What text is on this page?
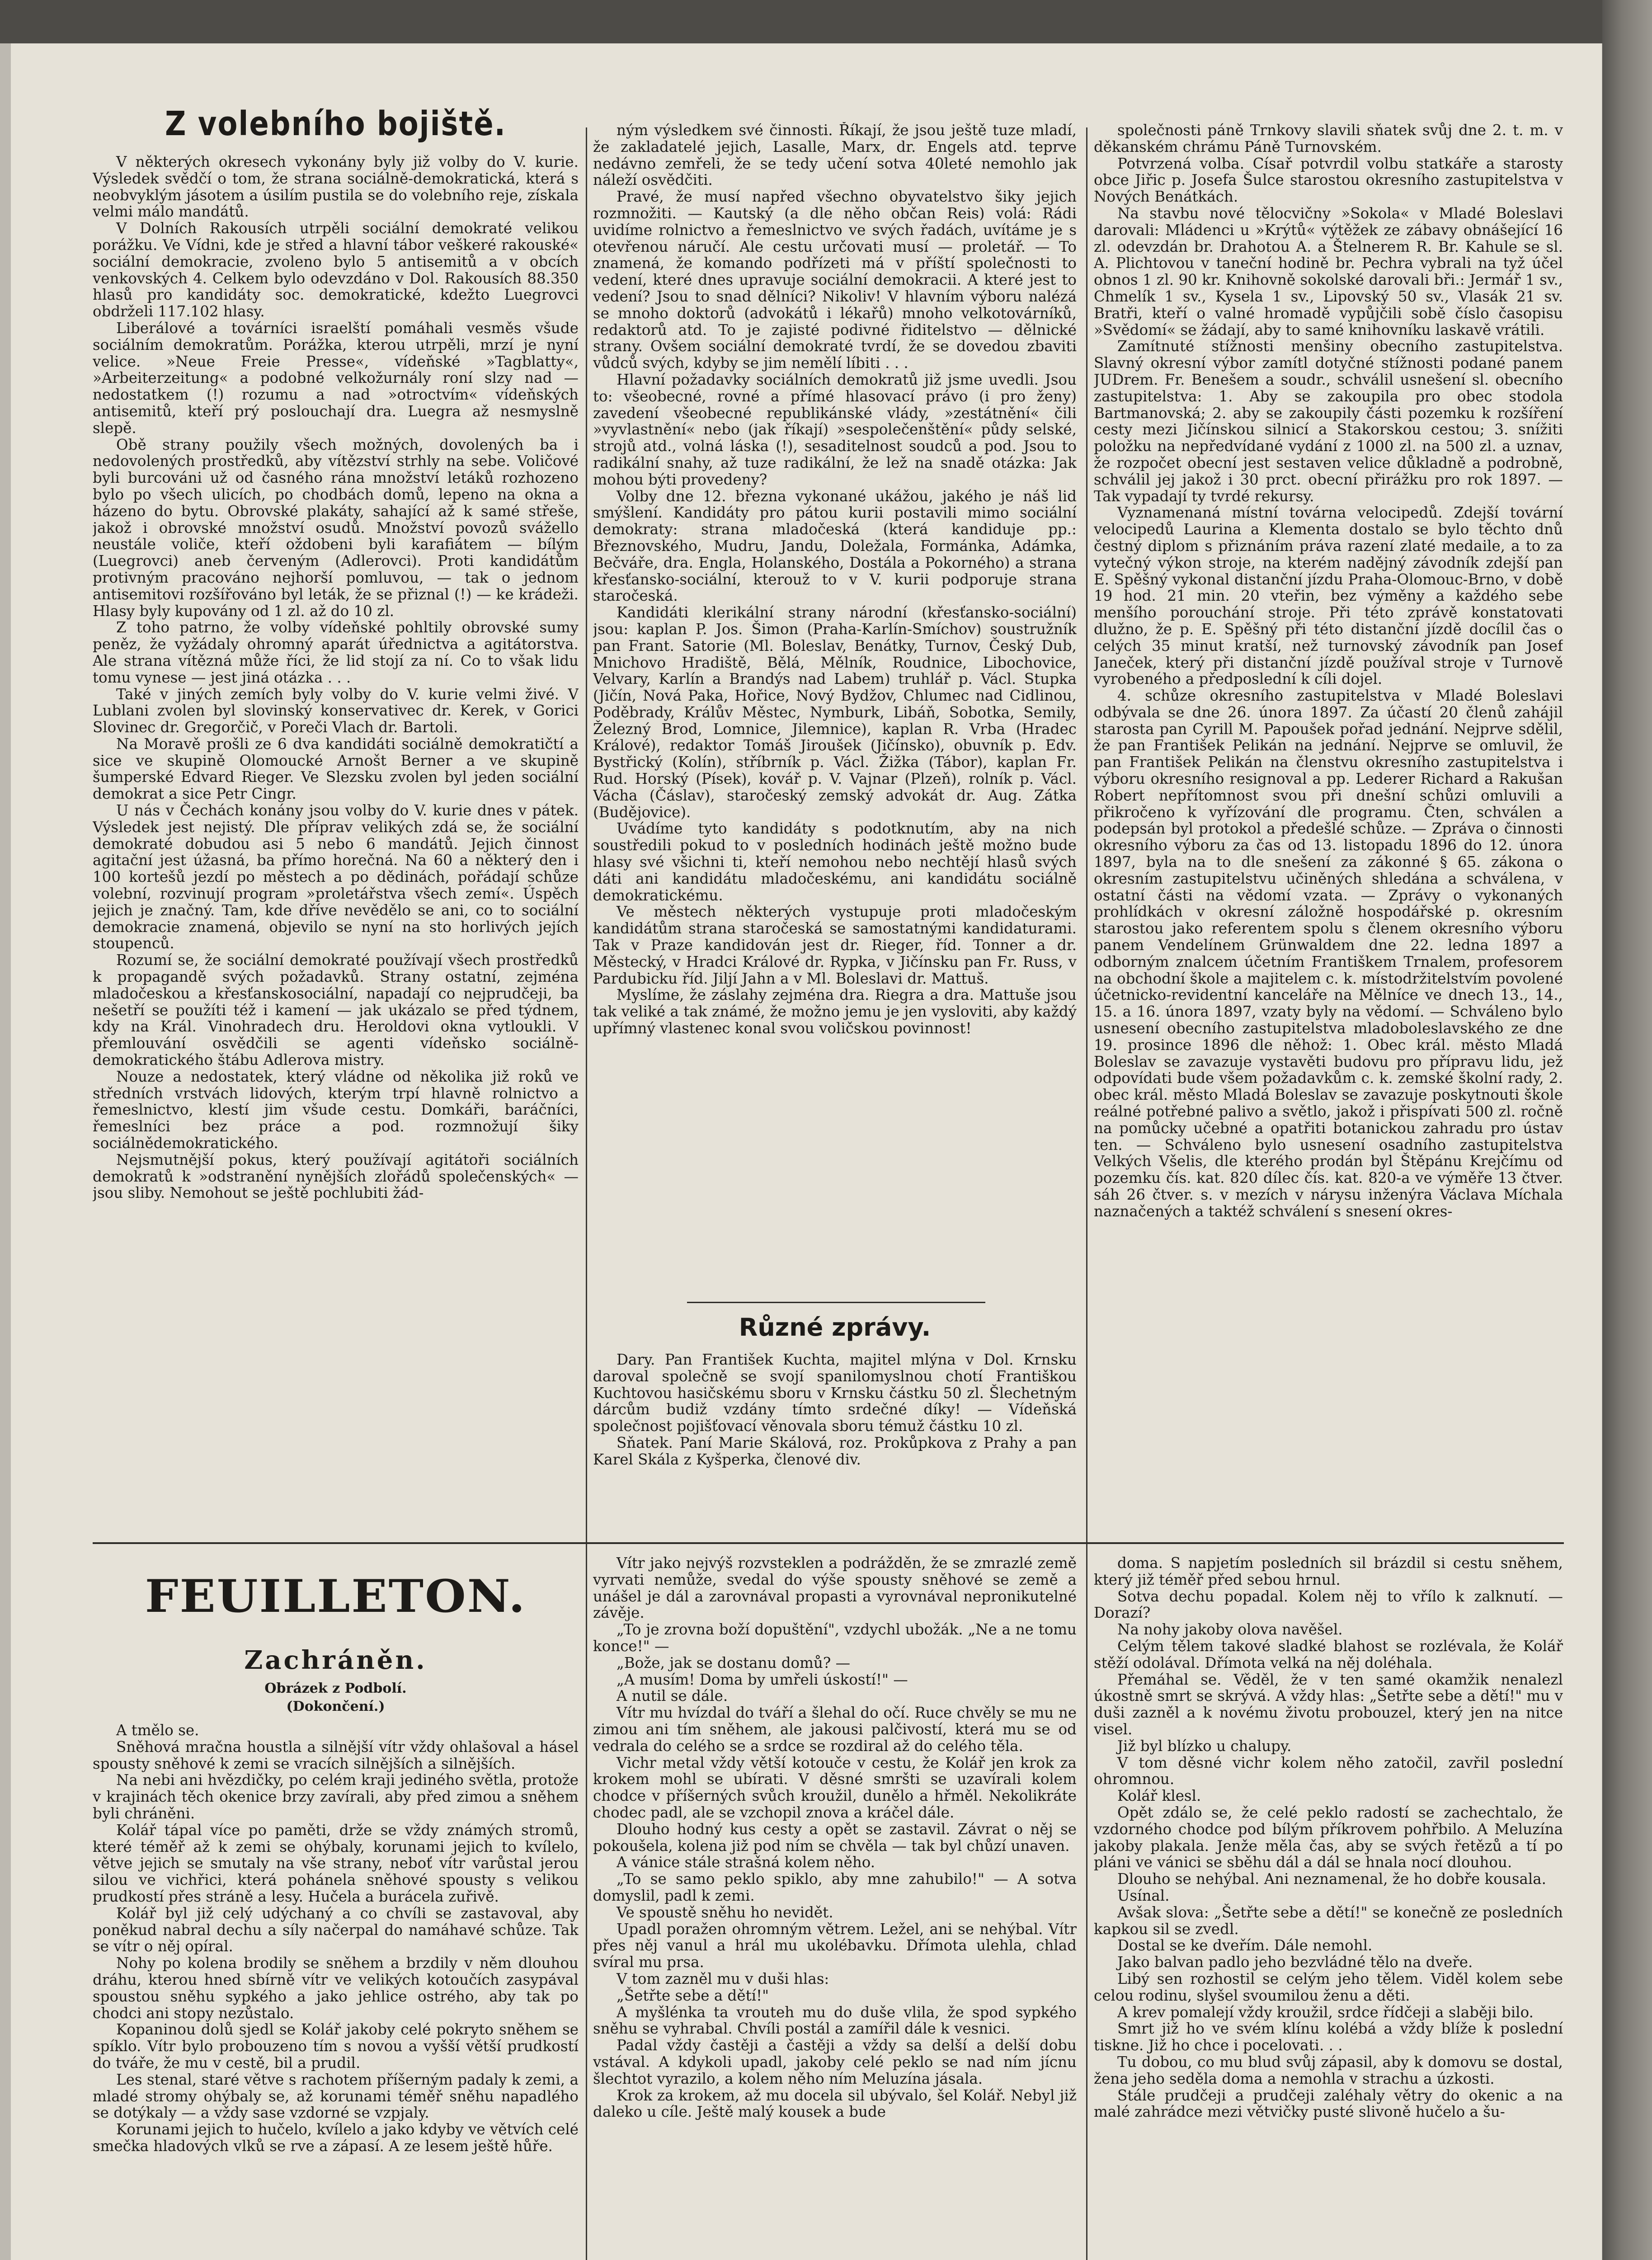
Z volebního bojiště.

V některých okresech vykonány byly již volby do V. kurie. Výsledek svědčí o tom, že strana sociálně-demokratická, která s neobvyklým jásotem a úsilím pustila se do volebního reje, získala velmi málo mandátů.

V Dolních Rakousích utrpěli sociální demokraté velikou porážku. Ve Vídni, kde je střed a hlavní tábor veškeré rakouské« sociální demokracie, zvoleno bylo 5 antisemitů a v obcích venkovských 4. Celkem bylo odevzdáno v Dol. Rakousích 88.350 hlasů pro kandidáty soc. demokratické, kdežto Luegrovci obdrželi 117.102 hlasy.

Liberálové a továrníci israelští pomáhali vesměs všude sociálním demokratům. Porážka, kterou utrpěli, mrzí je nyní velice. »Neue Freie Presse«, vídeňské »Tagblatty«, »Arbeiterzeitung« a podobné velkožurnály roní slzy nad — nedostatkem (!) rozumu a nad »otroctvím« vídeňských antisemitů, kteří prý poslouchají dra. Luegra až nesmyslně slepě.

Obě strany použily všech možných, dovolených ba i nedovolených prostředků, aby vítězství strhly na sebe. Voličové byli burcováni už od časného rána množství letáků rozhozeno bylo po všech ulicích, po chodbách domů, lepeno na okna a házeno do bytu. Obrovské plakáty, sahající až k samé střeše, jakož i obrovské množství osudů. Množství povozů svážello neustále voliče, kteří oždobeni byli karafiátem — bílým (Luegrovci) aneb červeným (Adlerovci). Proti kandidátům protivným pracováno nejhorší pomluvou, — tak o jednom antisemitovi rozšířováno byl leták, že se přiznal (!) — ke krádeži. Hlasy byly kupovány od 1 zl. až do 10 zl.

Z toho patrno, že volby vídeňské pohltily obrovské sumy peněz, že vyžádaly ohromný aparát úřednictva a agitátorstva. Ale strana vítězná může říci, že lid stojí za ní. Co to však lidu tomu vynese — jest jiná otázka . . .

Také v jiných zemích byly volby do V. kurie velmi živé. V Lublani zvolen byl slovinský konservativec dr. Kerek, v Gorici Slovinec dr. Gregorčič, v Poreči Vlach dr. Bartoli.

Na Moravě prošli ze 6 dva kandidáti sociálně demokratičtí a sice ve skupině Olomoucké Arnošt Berner a ve skupině šumperské Edvard Rieger. Ve Slezsku zvolen byl jeden sociální demokrat a sice Petr Cingr.

U nás v Čechách konány jsou volby do V. kurie dnes v pátek. Výsledek jest nejistý. Dle příprav velikých zdá se, že sociální demokraté dobudou asi 5 nebo 6 mandátů. Jejich činnost agitační jest úžasná, ba přímo horečná. Na 60 a některý den i 100 kortešů jezdí po městech a po dědinách, pořádají schůze volební, rozvinují program »proletářstva všech zemí«. Úspěch jejich je značný. Tam, kde dříve nevědělo se ani, co to sociální demokracie znamená, objevilo se nyní na sto horlivých jejích stoupenců.

Rozumí se, že sociální demokraté používají všech prostředků k propagandě svých požadavků. Strany ostatní, zejména mladočeskou a křesťanskosociální, napadají co nejprudčeji, ba nešetří se použíti též i kamení — jak ukázalo se před týdnem, kdy na Král. Vinohradech dru. Heroldovi okna vytloukli. V přemlouvání osvědčili se agenti vídeňsko sociálně-demokratického štábu Adlerova mistry.

Nouze a nedostatek, který vládne od několika již roků ve středních vrstvách lidových, kterým trpí hlavně rolnictvo a řemeslnictvo, klestí jim všude cestu. Domkáři, baráčníci, řemeslníci bez práce a pod. rozmnožují šiky sociálnědemokratického.

Nejsmutnější pokus, který používají agitátoři sociálních demokratů k »odstranění nynějších zlořádů společenských« — jsou sliby. Nemohout se ještě pochlubiti žád-

ným výsledkem své činnosti. Říkají, že jsou ještě tuze mladí, že zakladatelé jejich, Lasalle, Marx, dr. Engels atd. teprve nedávno zemřeli, že se tedy učení sotva 40leté nemohlo jak náleží osvědčiti.

Pravé, že musí napřed všechno obyvatelstvo šiky jejich rozmnožiti. — Kautský (a dle něho občan Reis) volá: Rádi uvidíme rolnictvo a řemeslnictvo ve svých řadách, uvítáme je s otevřenou náručí. Ale cestu určovati musí — proletář. — To znamená, že komando podřízeti má v příští společnosti to vedení, které dnes upravuje sociální demokracii. A které jest to vedení? Jsou to snad dělníci? Nikoliv! V hlavním výboru nalézá se mnoho doktorů (advokátů i lékařů) mnoho velkotovárníků, redaktorů atd. To je zajisté podivné řiditelstvo — dělnické strany. Ovšem sociální demokraté tvrdí, že se dovedou zbaviti vůdců svých, kdyby se jim nemělí líbiti . . .

Hlavní požadavky sociálních demokratů již jsme uvedli. Jsou to: všeobecné, rovné a přímé hlasovací právo (i pro ženy) zavedení všeobecné republikánské vlády, »zestátnění« čili »vyvlastnění« nebo (jak říkají) »sespolečenštění« půdy selské, strojů atd., volná láska (!), sesaditelnost soudců a pod. Jsou to radikální snahy, až tuze radikální, že lež na snadě otázka: Jak mohou býti provedeny?

Volby dne 12. března vykonané ukážou, jakého je náš lid smýšlení. Kandidáty pro pátou kurii postavili mimo sociální demokraty: strana mladočeská (která kandiduje pp.: Březnovského, Mudru, Jandu, Doležala, Formánka, Adámka, Bečváře, dra. Engla, Holanského, Dostála a Pokorného) a strana křesťansko-sociální, kterouž to v V. kurii podporuje strana staročeská.

Kandidáti klerikální strany národní (křesťansko-sociální) jsou: kaplan P. Jos. Šimon (Praha-Karlín-Smíchov) soustružník pan Frant. Satorie (Ml. Boleslav, Benátky, Turnov, Český Dub, Mnichovo Hradiště, Bělá, Mělník, Roudnice, Libochovice, Velvary, Karlín a Brandýs nad Labem) truhlář p. Václ. Stupka (Jičín, Nová Paka, Hořice, Nový Bydžov, Chlumec nad Cidlinou, Poděbrady, Králův Městec, Nymburk, Libáň, Sobotka, Semily, Železný Brod, Lomnice, Jilemnice), kaplan R. Vrba (Hradec Králové), redaktor Tomáš Jiroušek (Jičínsko), obuvník p. Edv. Bystřický (Kolín), stříbrník p. Václ. Žižka (Tábor), kaplan Fr. Rud. Horský (Písek), kovář p. V. Vajnar (Plzeň), rolník p. Václ. Vácha (Čáslav), staročeský zemský advokát dr. Aug. Zátka (Budějovice).

Uvádíme tyto kandidáty s podotknutím, aby na nich soustředili pokud to v posledních hodinách ještě možno bude hlasy své všichni ti, kteří nemohou nebo nechtějí hlasů svých dáti ani kandidátu mladočeskému, ani kandidátu sociálně demokratickému.

Ve městech některých vystupuje proti mladočeským kandidátům strana staročeská se samostatnými kandidaturami. Tak v Praze kandidován jest dr. Rieger, říd. Tonner a dr. Městecký, v Hradci Králové dr. Rypka, v Jičínsku pan Fr. Russ, v Pardubicku říd. Jiljí Jahn a v Ml. Boleslavi dr. Mattuš.

Myslíme, že záslahy zejména dra. Riegra a dra. Mattuše jsou tak veliké a tak známé, že možno jemu je jen vysloviti, aby každý upřímný vlastenec konal svou voličskou povinnost!

Různé zprávy.

Dary. Pan František Kuchta, majitel mlýna v Dol. Krnsku daroval společně se svojí spanilomyslnou chotí Františkou Kuchtovou hasičskému sboru v Krnsku částku 50 zl. Šlechetným dárcům budiž vzdány tímto srdečné díky! — Vídeňská společnost pojišťovací věnovala sboru témuž částku 10 zl.

Sňatek. Paní Marie Skálová, roz. Prokůpkova z Prahy a pan Karel Skála z Kyšperka, členové div.

společnosti páně Trnkovy slavili sňatek svůj dne 2. t. m. v děkanském chrámu Páně Turnovském.

Potvrzená volba. Císař potvrdil volbu statkáře a starosty obce Jiřic p. Josefa Šulce starostou okresního zastupitelstva v Nových Benátkách.

Na stavbu nové tělocvičny »Sokola« v Mladé Boleslavi darovali: Mládenci u »Krýtů« výtěžek ze zábavy obnášející 16 zl. odevzdán br. Drahotou A. a Štelnerem R. Br. Kahule se sl. A. Plichtovou v taneční hodině br. Pechra vybrali na tyž účel obnos 1 zl. 90 kr. Knihovně sokolské darovali bři.: Jermář 1 sv., Chmelík 1 sv., Kysela 1 sv., Lipovský 50 sv., Vlasák 21 sv. Bratři, kteří o valné hromadě vypůjčili sobě číslo časopisu »Svědomí« se žádají, aby to samé knihovníku laskavě vrátili.

Zamítnuté stížnosti menšiny obecního zastupitelstva. Slavný okresní výbor zamítl dotyčné stížnosti podané panem JUDrem. Fr. Benešem a soudr., schválil usnešení sl. obecního zastupitelstva: 1. Aby se zakoupila pro obec stodola Bartmanovská; 2. aby se zakoupily části pozemku k rozšíření cesty mezi Jičínskou silnicí a Stakorskou cestou; 3. snížiti položku na nepředvídané vydání z 1000 zl. na 500 zl. a uznav, že rozpočet obecní jest sestaven velice důkladně a podrobně, schválil jej jakož i 30 prct. obecní přirážku pro rok 1897. — Tak vypadají ty tvrdé rekursy.

Vyznamenaná místní továrna velocipedů. Zdejší tovární velocipedů Laurina a Klementa dostalo se bylo těchto dnů čestný diplom s přiznáním práva razení zlaté medaile, a to za vytečný výkon stroje, na kterém nadějný závodník zdejší pan E. Spěšný vykonal distanční jízdu Praha-Olomouc-Brno, v době 19 hod. 21 min. 20 vteřin, bez výměny a každého sebe menšího porouchání stroje. Při této zprávě konstatovati dlužno, že p. E. Spěšný při této distanční jízdě docílil čas o celých 35 minut kratší, než turnovský závodník pan Josef Janeček, který při distanční jízdě používal stroje v Turnově vyrobeného a předposlední k cíli dojel.

4. schůze okresního zastupitelstva v Mladé Boleslavi odbývala se dne 26. února 1897. Za účastí 20 členů zahájil starosta pan Cyrill M. Papoušek pořad jednání. Nejprve sdělil, že pan František Pelikán na jednání. Nejprve se omluvil, že pan František Pelikán na členstvu okresního zastupitelstva i výboru okresního resignoval a pp. Lederer Richard a Rakušan Robert nepřítomnost svou při dnešní schůzi omluvili a přikročeno k vyřízování dle programu. Čten, schválen a podepsán byl protokol a předešlé schůze. — Zpráva o činnosti okresního výboru za čas od 13. listopadu 1896 do 12. února 1897, byla na to dle snešení za zákonné § 65. zákona o okresním zastupitelstvu učiněných shledána a schválena, v ostatní části na vědomí vzata. — Zprávy o vykonaných prohlídkách v okresní záložně hospodářské p. okresním starostou jako referentem spolu s členem okresního výboru panem Vendelínem Grünwaldem dne 22. ledna 1897 a odborným znalcem účetním Františkem Trnalem, profesorem na obchodní škole a majitelem c. k. místodržitelstvím povolené účetnicko-revidentní kanceláře na Mělníce ve dnech 13., 14., 15. a 16. února 1897, vzaty byly na vědomí. — Schváleno bylo usnesení obecního zastupitelstva mladoboleslavského ze dne 19. prosince 1896 dle něhož: 1. Obec král. město Mladá Boleslav se zavazuje vystavěti budovu pro přípravu lidu, jež odpovídati bude všem požadavkům c. k. zemské školní rady, 2. obec král. město Mladá Boleslav se zavazuje poskytnouti škole reálné potřebné palivo a světlo, jakož i přispívati 500 zl. ročně na pomůcky učebné a opatřiti botanickou zahradu pro ústav ten. — Schváleno bylo usnesení osadního zastupitelstva Velkých Všelis, dle kterého prodán byl Štěpánu Krejčímu od pozemku čís. kat. 820 dílec čís. kat. 820-a ve výměře 13 čtver. sáh 26 čtver. s. v mezích v nárysu inženýra Václava Míchala naznačených a taktéž schválení s snesení okres-

FEUILLETON.
Zachráněn.
Obrázek z Podbolí.
(Dokončení.)

A tmělo se.

Sněhová mračna houstla a silnější vítr vždy ohlašoval a hásel spousty sněhové k zemi se vracích silnějších a silnějších.

Na nebi ani hvězdičky, po celém kraji jediného světla, protože v krajinách těch okenice brzy zavírali, aby před zimou a sněhem byli chráněni.

Kolář tápal více po paměti, drže se vždy známých stromů, které téměř až k zemi se ohýbaly, korunami jejich to kvílelo, větve jejich se smutaly na vše strany, neboť vítr varůstal jerou silou ve vichřici, která pohánela sněhové spousty s velikou prudkostí přes stráně a lesy. Hučela a burácela zuřivě.

Kolář byl již celý udýchaný a co chvíli se zastavoval, aby poněkud nabral dechu a síly načerpal do namáhavé schůze. Tak se vítr o něj opíral.

Nohy po kolena brodily se sněhem a brzdily v něm dlouhou dráhu, kterou hned sbírně vítr ve velikých kotoučích zasypával spoustou sněhu sypkého a jako jehlice ostrého, aby tak po chodci ani stopy nezůstalo.

Kopaninou dolů sjedl se Kolář jakoby celé pokryto sněhem se spíklo. Vítr bylo probouzeno tím s novou a vyšší větší prudkostí do tváře, že mu v cestě, bil a prudil.

Les stenal, staré větve s rachotem příšerným padaly k zemi, a mladé stromy ohýbaly se, až korunami téměř sněhu napadlého se dotýkaly — a vždy sase vzdorné se vzpjaly.

Korunami jejich to hučelo, kvílelo a jako kdyby ve větvích celé smečka hladových vlků se rve a zápasí. A ze lesem ještě hůře.

Vítr jako nejvýš rozvsteklen a podrážděn, že se zmrazlé země vyrvati nemůže, svedal do výše spousty sněhové se země a unášel je dál a zarovnával propasti a vyrovnával nepronikutelné závěje.

„To je zrovna boží dopuštění", vzdychl ubožák. „Ne a ne tomu konce!" —

„Bože, jak se dostanu domů? —

„A musím! Doma by umřeli úskostí!" —

A nutil se dále.

Vítr mu hvízdal do tváří a šlehal do očí. Ruce chvěly se mu ne zimou ani tím sněhem, ale jakousi palčivostí, která mu se od vedrala do celého se a srdce se rozdiral až do celého těla.

Vichr metal vždy větší kotouče v cestu, že Kolář jen krok za krokem mohl se ubírati. V děsné smršti se uzavírali kolem chodce v příšerných svůch kroužil, dunělo a hřměl. Nekolikráte chodec padl, ale se vzchopil znova a kráčel dále.

Dlouho hodný kus cesty a opět se zastavil. Závrat o něj se pokoušela, kolena již pod ním se chvěla — tak byl chůzí unaven.

A vánice stále strašná kolem něho.

„To se samo peklo spiklo, aby mne zahubilo!" — A sotva domyslil, padl k zemi.

Ve spoustě sněhu ho nevidět.

Upadl poražen ohromným větrem. Ležel, ani se nehýbal. Vítr přes něj vanul a hrál mu ukolébavku. Dřímota ulehla, chlad svíral mu prsa.

V tom zazněl mu v duši hlas:

„Šetřte sebe a dětí!"

A myšlénka ta vrouteh mu do duše vlila, že spod sypkého sněhu se vyhrabal. Chvíli postál a zamířil dále k vesnici.

Padal vždy častěji a častěji a vždy sa delší a delší dobu vstával. A kdykoli upadl, jakoby celé peklo se nad ním jícnu šlechtot vyrazilo, a kolem něho ním Meluzína jásala.

Krok za krokem, až mu docela sil ubývalo, šel Kolář. Nebyl již daleko u cíle. Ještě malý kousek a bude

doma. S napjetím posledních sil brázdil si cestu sněhem, který již téměř před sebou hrnul.

Sotva dechu popadal. Kolem něj to vřílo k zalknutí. — Dorazí?

Na nohy jakoby olova navěšel.

Celým tělem takové sladké blahost se rozlévala, že Kolář stěží odolával. Dřímota velká na něj doléhala.

Přemáhal se. Věděl, že v ten samé okamžik nenalezl úkostně smrt se skrývá. A vždy hlas: „Šetřte sebe a dětí!" mu v duši zazněl a k novému životu probouzel, který jen na nitce visel.

Již byl blízko u chalupy.

V tom děsné vichr kolem něho zatočil, zavřil poslední ohromnou.

Kolář klesl.

Opět zdálo se, že celé peklo radostí se zachechtalo, že vzdorného chodce pod bílým příkrovem pohřbilo. A Meluzína jakoby plakala. Jenže měla čas, aby se svých řetězů a tí po pláni ve vánici se sběhu dál a dál se hnala nocí dlouhou.

Dlouho se nehýbal. Ani neznamenal, že ho dobře kousala.

Usínal.

Avšak slova: „Šetřte sebe a dětí!" se konečně ze posledních kapkou sil se zvedl.

Dostal se ke dveřím. Dále nemohl.

Jako balvan padlo jeho bezvládné tělo na dveře.

Libý sen rozhostil se celým jeho tělem. Viděl kolem sebe celou rodinu, slyšel svoumilou ženu a děti.

A krev pomalejí vždy kroužil, srdce řídčeji a slaběji bilo.

Smrt již ho ve svém klínu kolébá a vždy blíže k poslední tiskne. Již ho chce i pocelovati. . .

Tu dobou, co mu blud svůj zápasil, aby k domovu se dostal, žena jeho seděla doma a nemohla v strachu a úzkosti.

Stále prudčeji a prudčeji zaléhaly větry do okenic a na malé zahrádce mezi větvičky pusté slivoně hučelo a šu-
